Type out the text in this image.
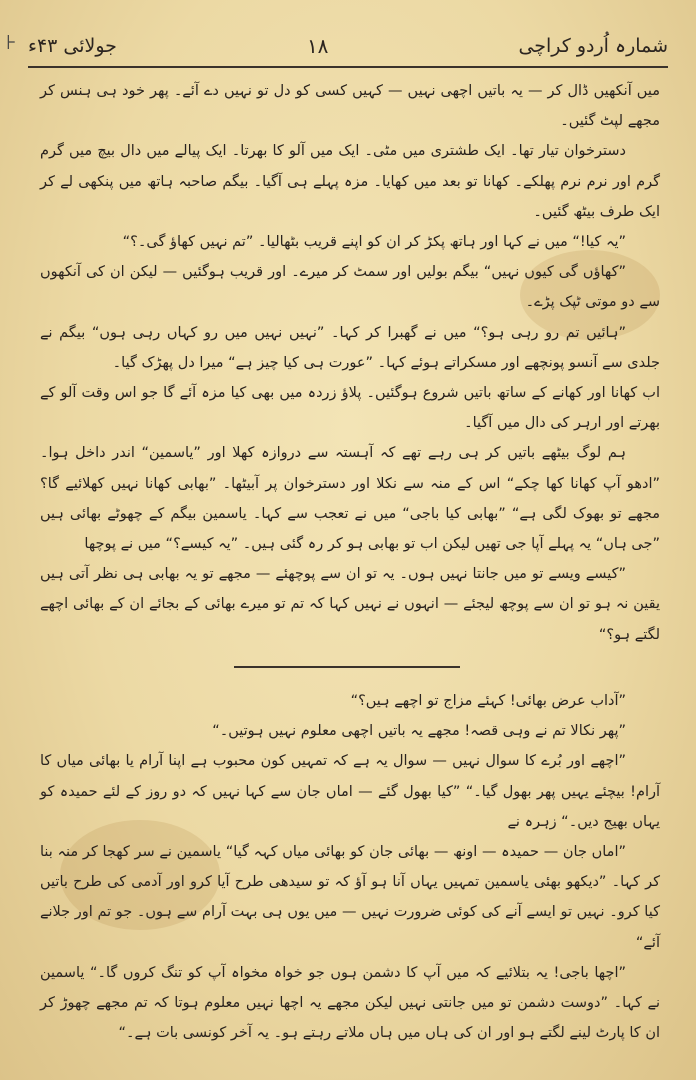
⊦	شمارہ اُردو کراچی
۱۸
جولائی ۴۳ء

میں آنکھیں ڈال کر — یہ باتیں اچھی نہیں — کہیں کسی کو دل تو نہیں دے آئے۔ پھر خود ہی ہنس کر مجھے لپٹ گئیں۔

دسترخوان تیار تھا۔ ایک طشتری میں مٹی۔ ایک میں آلو کا بھرتا۔ ایک پیالے میں دال بیچ میں گرم گرم اور نرم نرم پھلکے۔ کھانا تو بعد میں کھایا۔ مزہ پہلے ہی آگیا۔ بیگم صاحبہ ہاتھ میں پنکھی لے کر ایک طرف بیٹھ گئیں۔

”یہ کیا!“ میں نے کہا اور ہاتھ پکڑ کر ان کو اپنے قریب بٹھالیا۔ ”تم نہیں کھاؤ گی۔؟“

”کھاؤں گی کیوں نہیں“ بیگم بولیں اور سمٹ کر میرے۔ اور قریب ہوگئیں — لیکن ان کی آنکھوں سے دو موتی ٹپک پڑے۔

”ہائیں تم رو رہی ہو؟“ میں نے گھبرا کر کہا۔ ”نہیں نہیں میں رو کہاں رہی ہوں“ بیگم نے جلدی سے آنسو پونچھے اور مسکراتے ہوئے کہا۔ ”عورت ہی کیا چیز ہے“ میرا دل پھڑک گیا۔

اب کھانا اور کھانے کے ساتھ باتیں شروع ہوگئیں۔ پلاؤ زردہ میں بھی کیا مزہ آئے گا جو اس وقت آلو کے بھرتے اور ارہر کی دال میں آگیا۔

ہم لوگ بیٹھے باتیں کر ہی رہے تھے کہ آہستہ سے دروازہ کھلا اور ”یاسمین“ اندر داخل ہوا۔ ”ادھو آپ کھانا کھا چکے“ اس کے منہ سے نکلا اور دسترخوان پر آبیٹھا۔ ”بھابی کھانا نہیں کھلائیے گا؟ مجھے تو بھوک لگی ہے“ ”بھابی کیا باجی“ میں نے تعجب سے کہا۔ یاسمین بیگم کے چھوٹے بھائی ہیں ”جی ہاں“ یہ پہلے آپا جی تھیں لیکن اب تو بھابی ہو کر رہ گئی ہیں۔ ”یہ کیسے؟“ میں نے پوچھا

”کیسے ویسے تو میں جانتا نہیں ہوں۔ یہ تو ان سے پوچھئے — مجھے تو یہ بھابی ہی نظر آتی ہیں یقین نہ ہو تو ان سے پوچھ لیجئے — انہوں نے نہیں کہا کہ تم تو میرے بھائی کے بجائے ان کے بھائی اچھے لگتے ہو؟“

”آداب عرض بھائی! کہئے مزاج تو اچھے ہیں؟“

”پھر نکالا تم نے وہی قصہ! مجھے یہ باتیں اچھی معلوم نہیں ہوتیں۔“

”اچھے اور بُرے کا سوال نہیں — سوال یہ ہے کہ تمہیں کون محبوب ہے اپنا آرام یا بھائی میاں کا آرام! بیچئے یہیں پھر بھول گیا۔“ ”کیا بھول گئے — اماں جان سے کہا نہیں کہ دو روز کے لئے حمیدہ کو یہاں بھیج دیں۔“ زہرہ نے

”اماں جان — حمیدہ — اونھ — بھائی جان کو بھائی میاں کہہ گیا“ یاسمین نے سر کھجا کر منہ بنا کر کہا۔ ”دیکھو بھئی یاسمین تمہیں یہاں آنا ہو آؤ کہ تو سیدھی طرح آیا کرو اور آدمی کی طرح باتیں کیا کرو۔ نہیں تو ایسے آنے کی کوئی ضرورت نہیں — میں یوں ہی بہت آرام سے ہوں۔ جو تم اور جلانے آئے“

”اچھا باجی! یہ بتلائیے کہ میں آپ کا دشمن ہوں جو خواہ مخواہ آپ کو تنگ کروں گا۔“ یاسمین نے کہا۔ ”دوست دشمن تو میں جانتی نہیں لیکن مجھے یہ اچھا نہیں معلوم ہوتا کہ تم مجھے چھوڑ کر ان کا پارٹ لینے لگتے ہو اور ان کی ہاں میں ہاں ملاتے رہتے ہو۔ یہ آخر کونسی بات ہے۔“
